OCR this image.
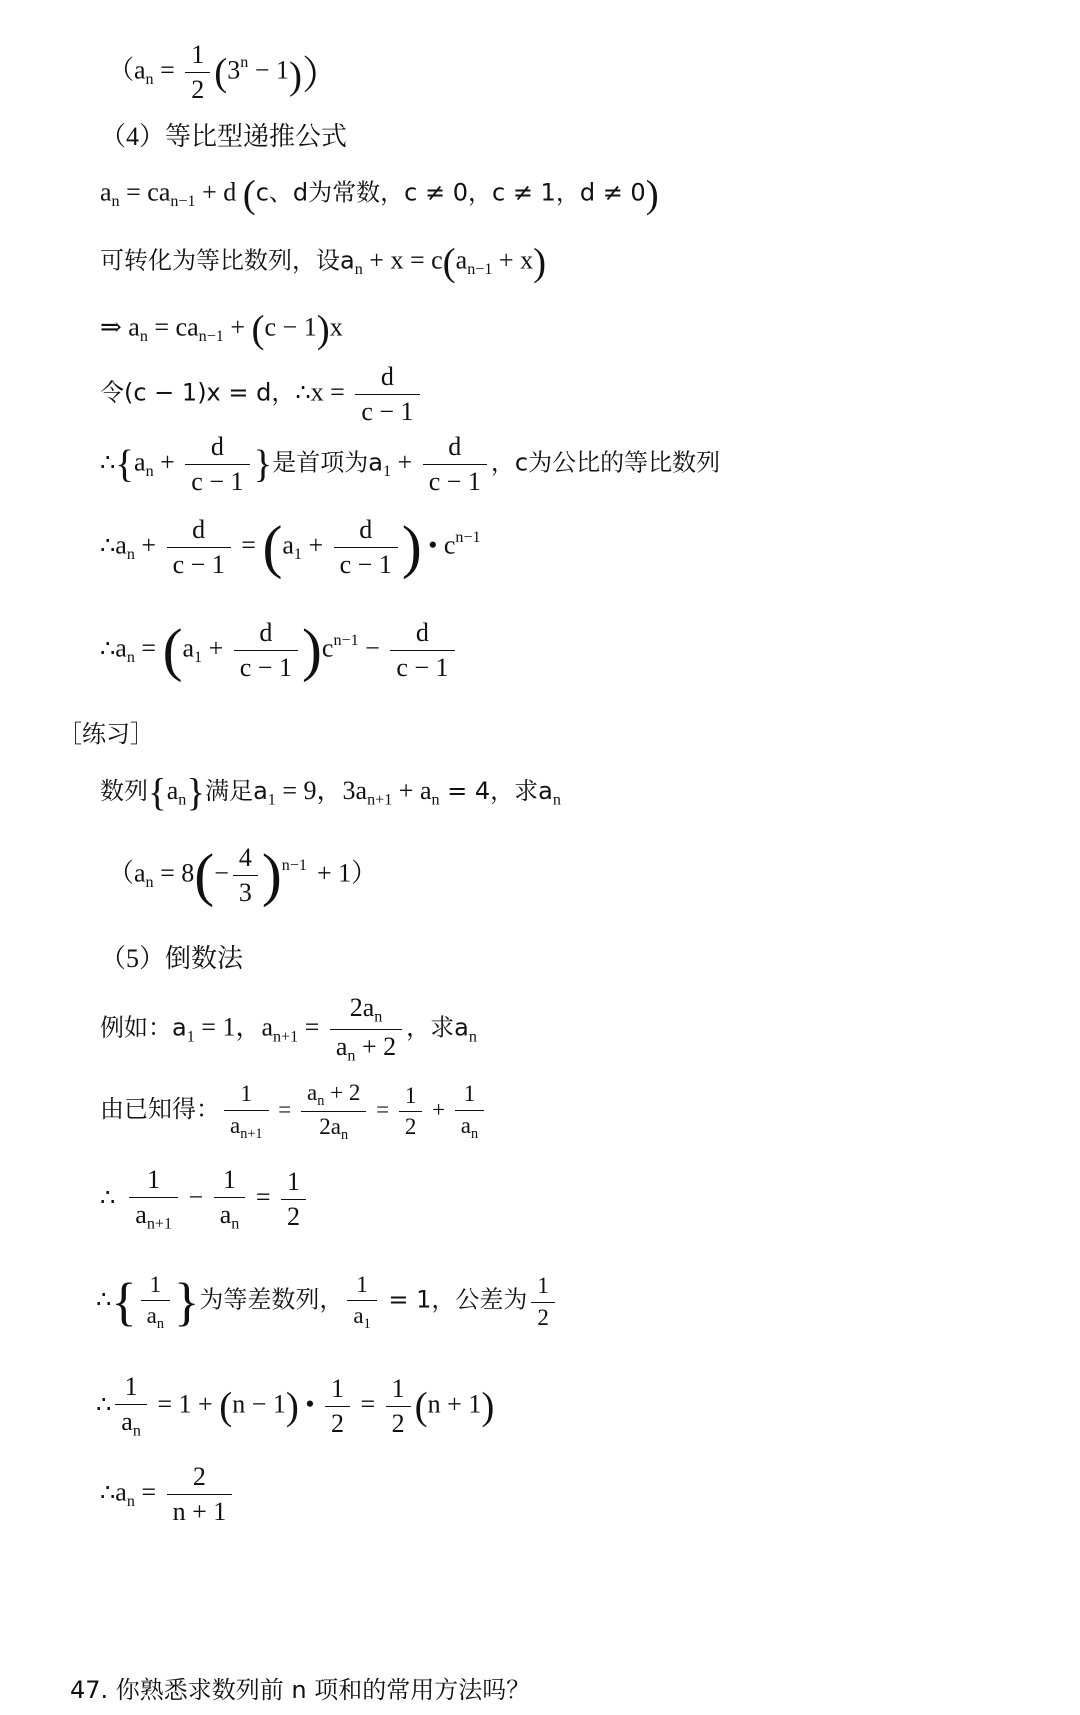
$(a_n = \frac{1}{2} (3^n - 1))$
（4）等比型递推公式
$a_n = ca_{n-1} + d$ (c、d为常数，c ≠ 0，c ≠ 1，d ≠ 0)
可转化为等比数列，设$a_n + x = c(a_{n-1} + x)$
⇒ $a_n = ca_{n-1} + (c - 1)x$
令(c − 1)x = d，∴x = $\frac{d}{c - 1}$
$\therefore\{a_n + \frac{d}{c - 1}$ }是首项为$a_1 + \frac{d}{c - 1}$ ，c为公比的等比数列
$\therefore a_n + \frac{d}{c - 1} = (a_1 + \frac{d}{c - 1}$ ) • $c^{n-1}$
$\therefore a_n = (a_1 + \frac{d}{c - 1} )c^{n-1} - \frac{d}{c - 1}$
［练习］
数列$\{a_n\}$满足$a_1 = 9$，$3a_{n+1} + a_n = 4$，求$a_n$
$(a_n = 8(- \frac{4}{3} )^{n-1} + 1)$
（5）倒数法
例如：$a_1 = 1$，$a_{n+1} = \frac{2a_n}{a_n + 2}$ ，求$a_n$
由已知得： $\frac{1}{a_{n+1}} = \frac{a_n + 2}{2a_n} = \frac{1}{2} + \frac{1}{a_n}$
∴ $\frac{1}{a_{n+1}} - \frac{1}{a_n} = \frac{1}{2}$
∴{ $\frac{1}{a_n}$ }为等差数列， $\frac{1}{a_1} = 1$，公差为 $\frac{1}{2}$
∴ $\frac{1}{a_n} = 1 + (n - 1)$ • $\frac{1}{2} = \frac{1}{2} (n + 1)$
$\therefore a_n = \frac{2}{n + 1}$
47. 你熟悉求数列前 n 项和的常用方法吗？
